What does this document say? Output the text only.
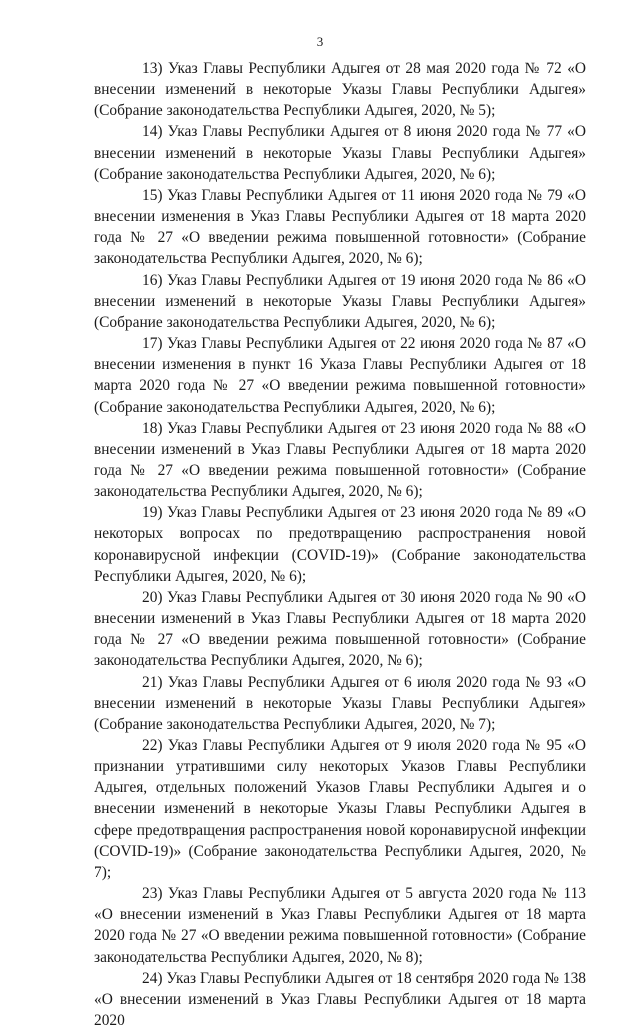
3

13) Указ Главы Республики Адыгея от 28 мая 2020 года № 72 «О внесении изменений в некоторые Указы Главы Республики Адыгея» (Собрание законодательства Республики Адыгея, 2020, № 5);

14) Указ Главы Республики Адыгея от 8 июня 2020 года № 77 «О внесении изменений в некоторые Указы Главы Республики Адыгея» (Собрание законодательства Республики Адыгея, 2020, № 6);

15) Указ Главы Республики Адыгея от 11 июня 2020 года № 79 «О внесении изменения в Указ Главы Республики Адыгея от 18 марта 2020 года № 27 «О введении режима повышенной готовности» (Собрание законодательства Республики Адыгея, 2020, № 6);

16) Указ Главы Республики Адыгея от 19 июня 2020 года № 86 «О внесении изменений в некоторые Указы Главы Республики Адыгея» (Собрание законодательства Республики Адыгея, 2020, № 6);

17) Указ Главы Республики Адыгея от 22 июня 2020 года № 87 «О внесении изменения в пункт 16 Указа Главы Республики Адыгея от 18 марта 2020 года № 27 «О введении режима повышенной готовности» (Собрание законодательства Республики Адыгея, 2020, № 6);

18) Указ Главы Республики Адыгея от 23 июня 2020 года № 88 «О внесении изменений в Указ Главы Республики Адыгея от 18 марта 2020 года № 27 «О введении режима повышенной готовности» (Собрание законодательства Республики Адыгея, 2020, № 6);

19) Указ Главы Республики Адыгея от 23 июня 2020 года № 89 «О некоторых вопросах по предотвращению распространения новой коронавирусной инфекции (COVID-19)» (Собрание законодательства Республики Адыгея, 2020, № 6);

20) Указ Главы Республики Адыгея от 30 июня 2020 года № 90 «О внесении изменений в Указ Главы Республики Адыгея от 18 марта 2020 года № 27 «О введении режима повышенной готовности» (Собрание законодательства Республики Адыгея, 2020, № 6);

21) Указ Главы Республики Адыгея от 6 июля 2020 года № 93 «О внесении изменений в некоторые Указы Главы Республики Адыгея» (Собрание законодательства Республики Адыгея, 2020, № 7);

22) Указ Главы Республики Адыгея от 9 июля 2020 года № 95 «О признании утратившими силу некоторых Указов Главы Республики Адыгея, отдельных положений Указов Главы Республики Адыгея и о внесении изменений в некоторые Указы Главы Республики Адыгея в сфере предотвращения распространения новой коронавирусной инфекции (COVID-19)» (Собрание законодательства Республики Адыгея, 2020, № 7);

23) Указ Главы Республики Адыгея от 5 августа 2020 года № 113 «О внесении изменений в Указ Главы Республики Адыгея от 18 марта 2020 года № 27 «О введении режима повышенной готовности» (Собрание законодательства Республики Адыгея, 2020, № 8);

24) Указ Главы Республики Адыгея от 18 сентября 2020 года № 138 «О внесении изменений в Указ Главы Республики Адыгея от 18 марта 2020
